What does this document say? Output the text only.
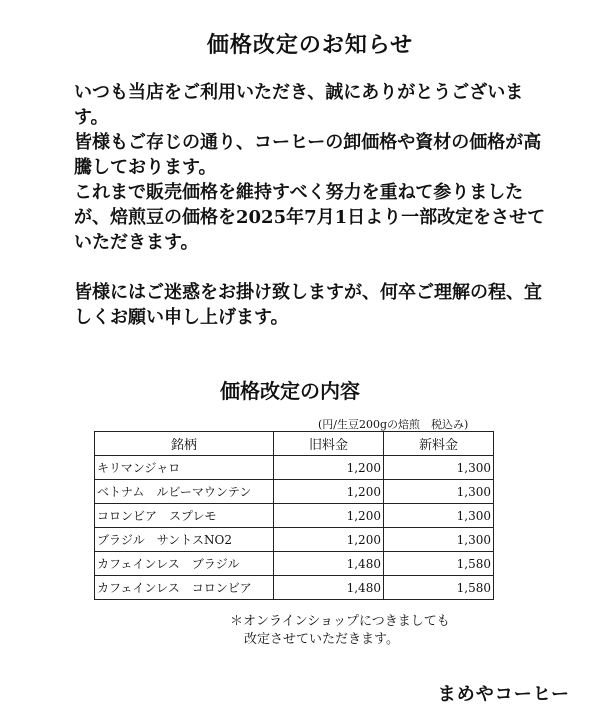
価格改定のお知らせ

いつも当店をご利用いただき、誠にありがとうございます。

皆様もご存じの通り、コーヒーの卸価格や資材の価格が高騰しております。

これまで販売価格を維持すべく努力を重ねて参りましたが、焙煎豆の価格を2025年7月1日より一部改定をさせていただきます。

皆様にはご迷惑をお掛け致しますが、何卒ご理解の程、宜しくお願い申し上げます。

価格改定の内容
(円/生豆200gの焙煎　税込み)
銘柄	旧料金	新料金
キリマンジャロ	1,200	1,300
ベトナム　ルビーマウンテン	1,200	1,300
コロンビア　スプレモ	1,200	1,300
ブラジル　サントスNO2	1,200	1,300
カフェインレス　ブラジル	1,480	1,580
カフェインレス　コロンビア	1,480	1,580
＊オンラインショップにつきましても
改定させていただきます。
まめやコーヒー
